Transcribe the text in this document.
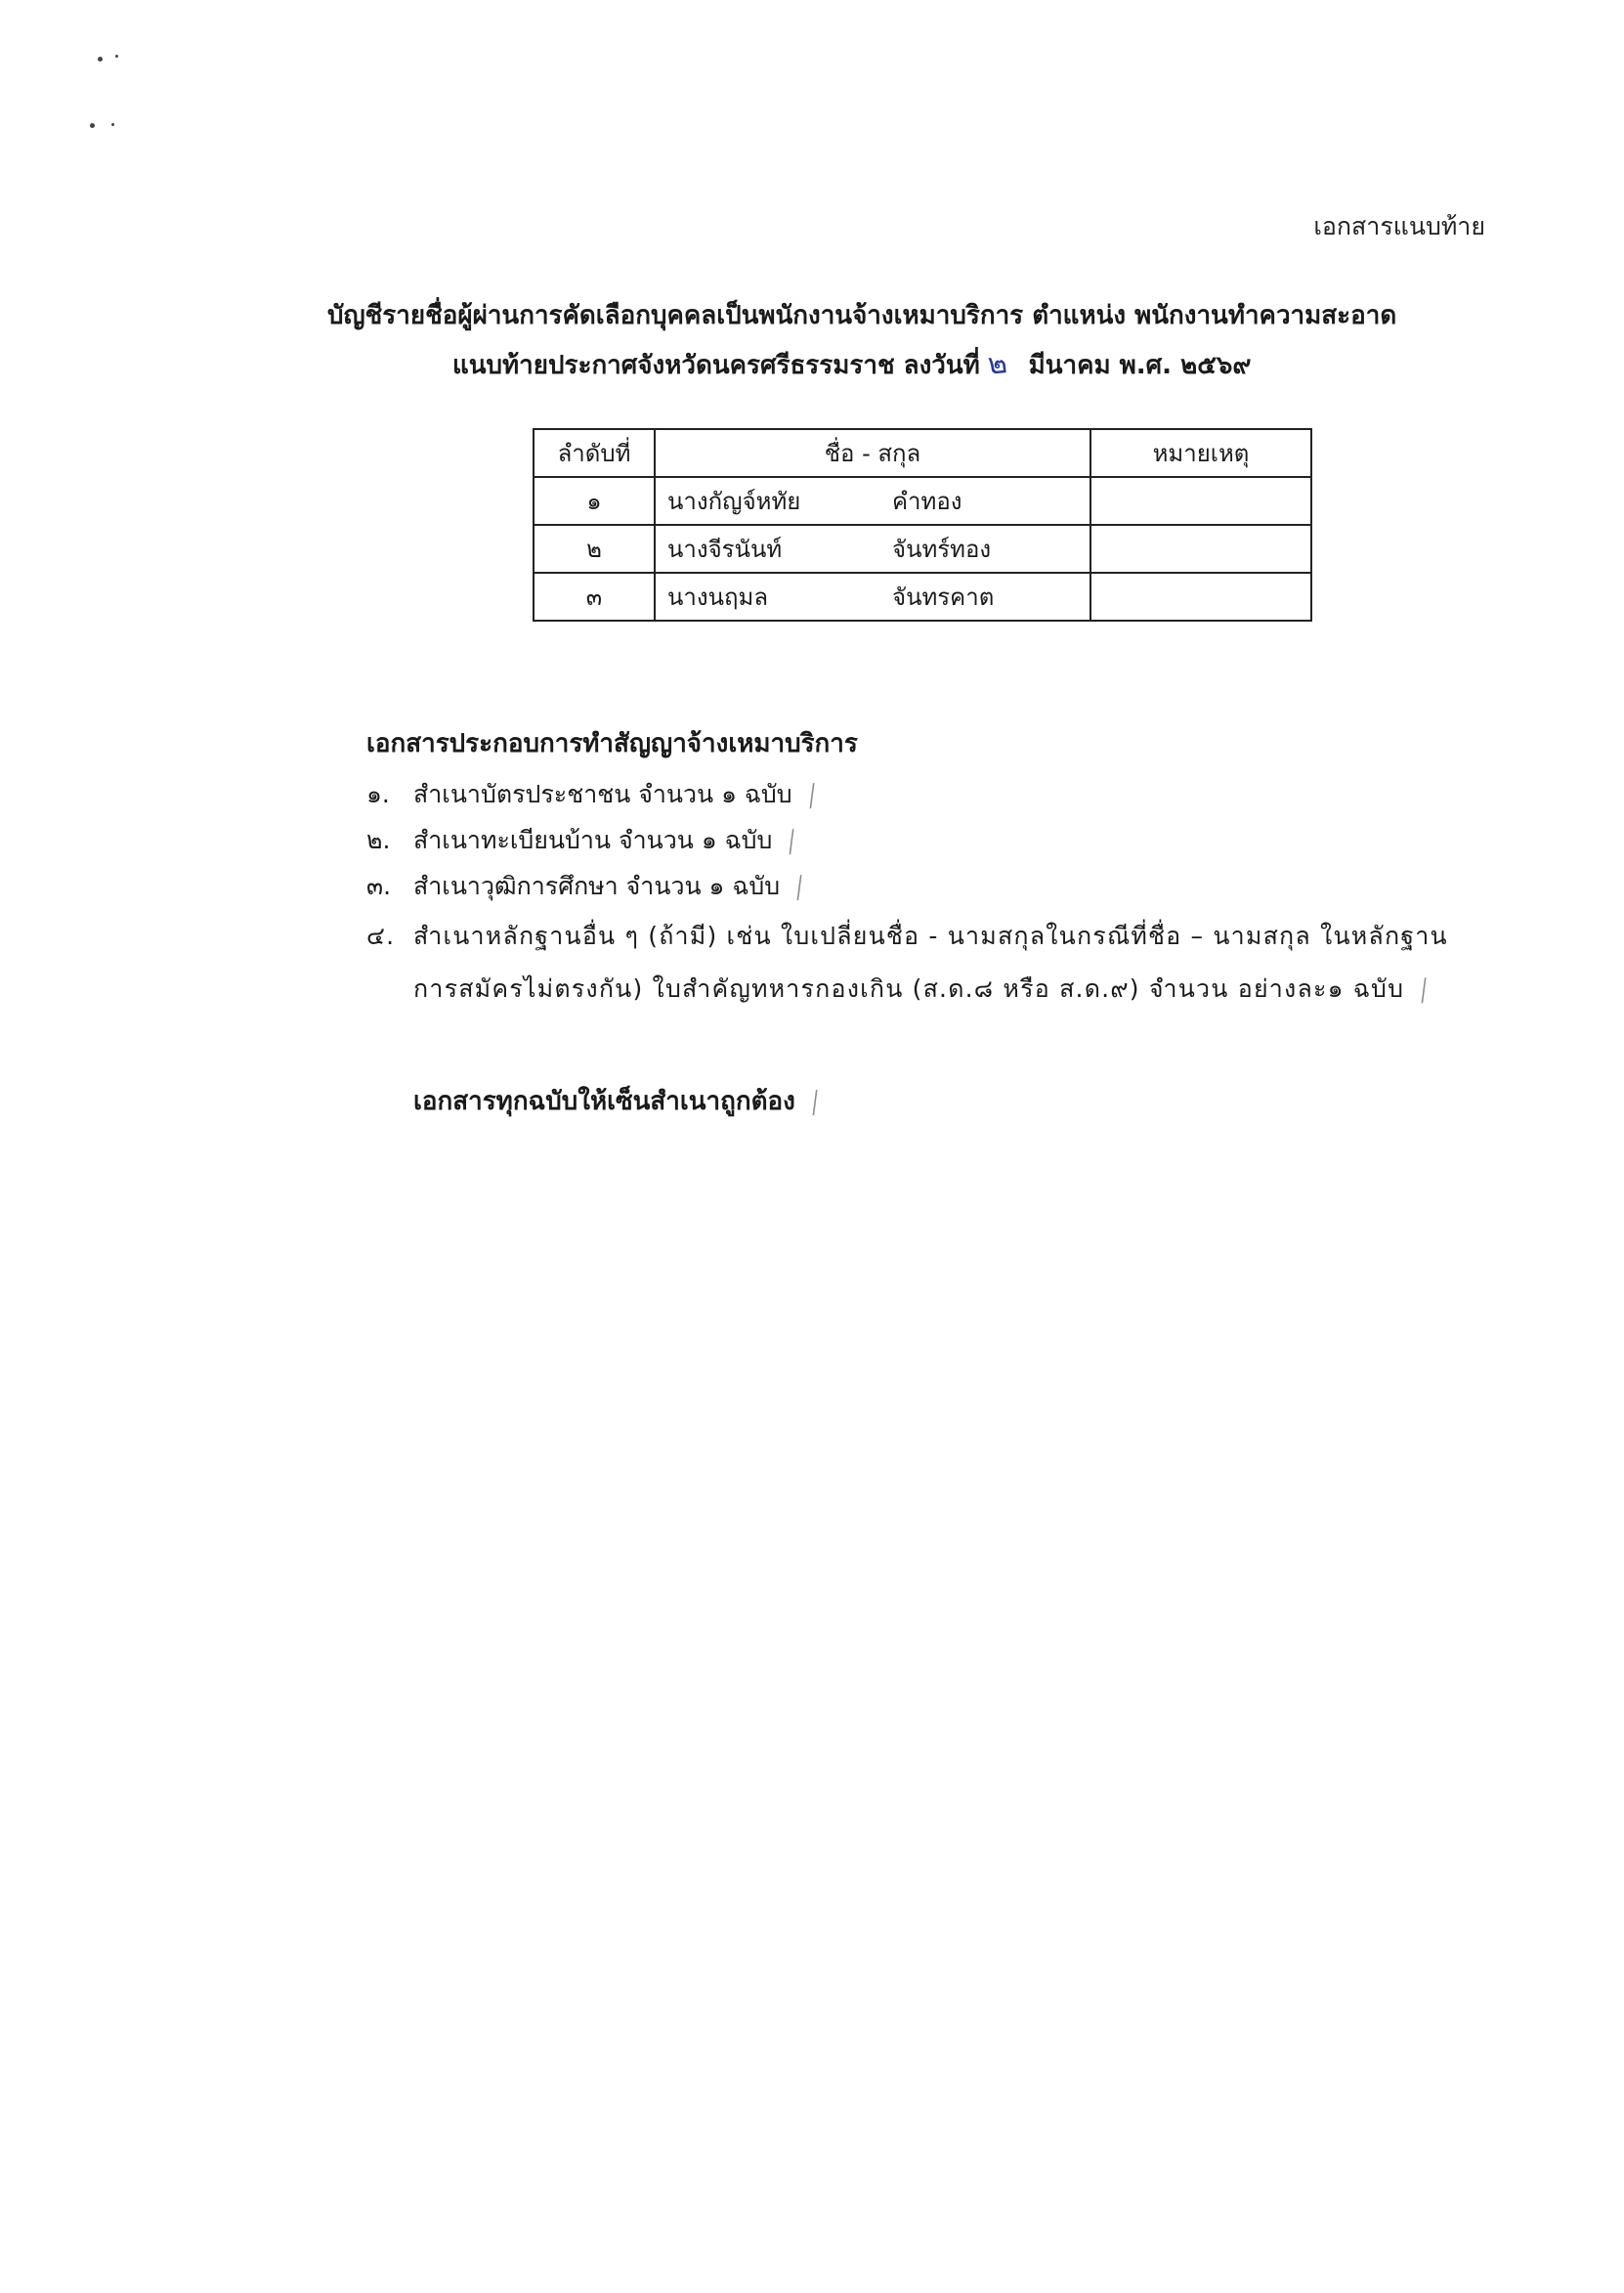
เอกสารแนบท้าย
บัญชีรายชื่อผู้ผ่านการคัดเลือกบุคคลเป็นพนักงานจ้างเหมาบริการ ตำแหน่ง พนักงานทำความสะอาด
แนบท้ายประกาศจังหวัดนครศรีธรรมราช ลงวันที่ ๒ มีนาคม พ.ศ. ๒๕๖๙
ลำดับที่	ชื่อ - สกุล	หมายเหตุ
๑	นางกัญจ์หทัย คำทอง	
๒	นางจีรนันท์ จันทร์ทอง	
๓	นางนฤมล จันทรคาต	
เอกสารประกอบการทำสัญญาจ้างเหมาบริการ
๑. สำเนาบัตรประชาชน จำนวน ๑ ฉบับ ╱
๒. สำเนาทะเบียนบ้าน จำนวน ๑ ฉบับ ╱
๓. สำเนาวุฒิการศึกษา จำนวน ๑ ฉบับ ╱
๔. สำเนาหลักฐานอื่น ๆ (ถ้ามี) เช่น ใบเปลี่ยนชื่อ - นามสกุลในกรณีที่ชื่อ – นามสกุล ในหลักฐานการสมัครไม่ตรงกัน) ใบสำคัญทหารกองเกิน (ส.ด.๘ หรือ ส.ด.๙) จำนวน อย่างละ๑ ฉบับ ╱
เอกสารทุกฉบับให้เซ็นสำเนาถูกต้อง ╱
